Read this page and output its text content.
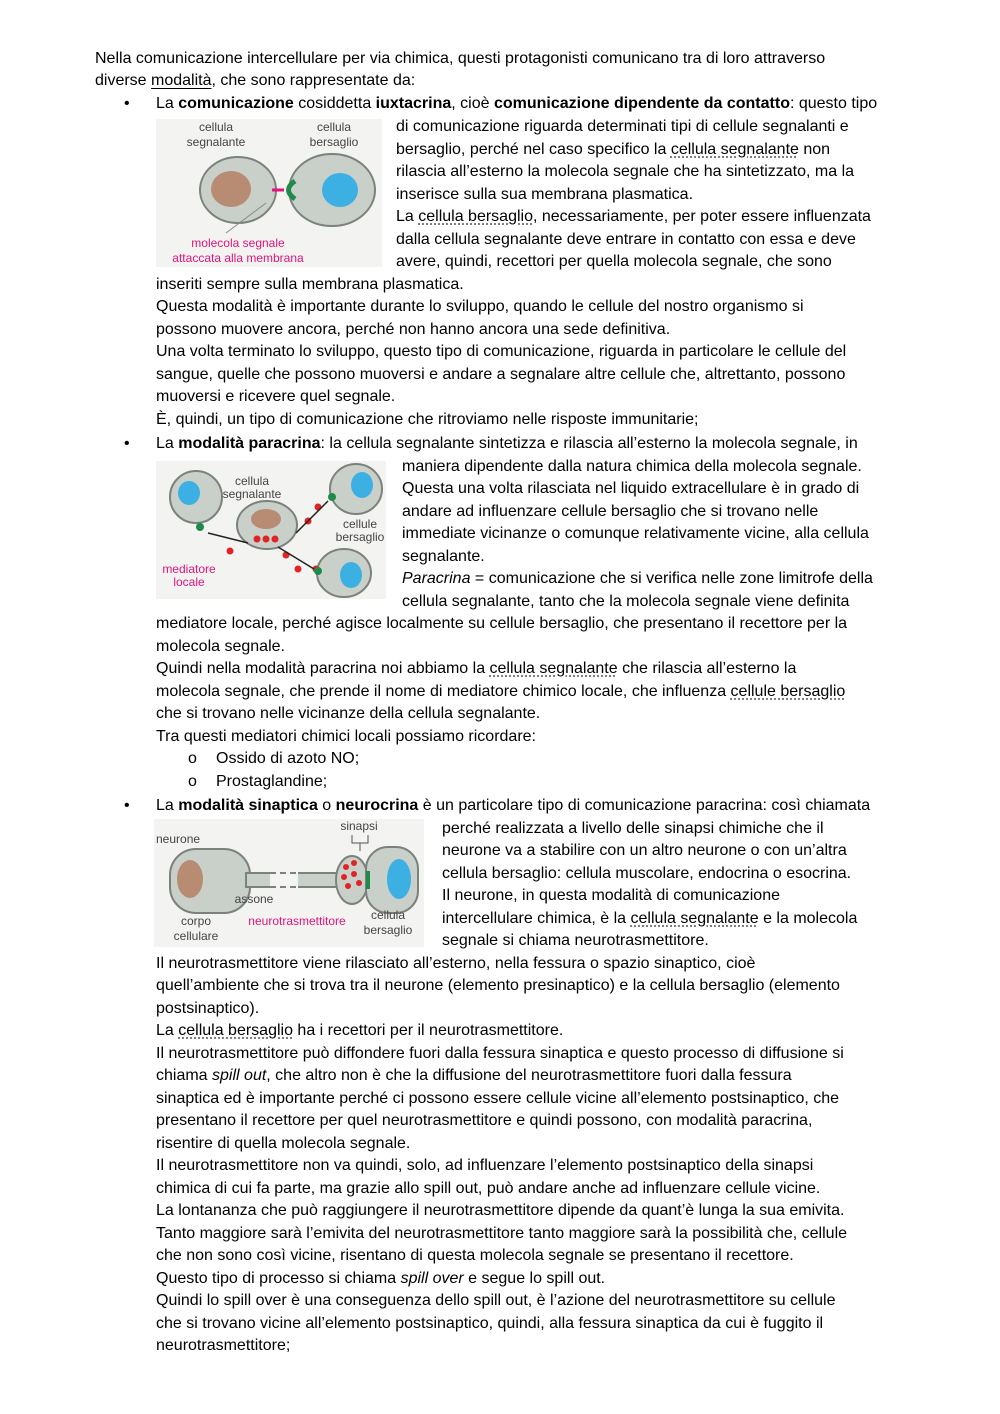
Nella comunicazione intercellulare per via chimica, questi protagonisti comunicano tra di loro attraverso

diverse modalità, che sono rappresentate da:

• La comunicazione cosiddetta iuxtacrina, cioè comunicazione dipendente da contatto: questo tipo

cellula
segnalante
cellula
bersaglio
molecola segnale
attaccata alla membrana

di comunicazione riguarda determinati tipi di cellule segnalanti e

bersaglio, perché nel caso specifico la cellula segnalante non

rilascia all’esterno la molecola segnale che ha sintetizzato, ma la

inserisce sulla sua membrana plasmatica.

La cellula bersaglio, necessariamente, per poter essere influenzata

dalla cellula segnalante deve entrare in contatto con essa e deve

avere, quindi, recettori per quella molecola segnale, che sono

inseriti sempre sulla membrana plasmatica.

Questa modalità è importante durante lo sviluppo, quando le cellule del nostro organismo si

possono muovere ancora, perché non hanno ancora una sede definitiva.

Una volta terminato lo sviluppo, questo tipo di comunicazione, riguarda in particolare le cellule del

sangue, quelle che possono muoversi e andare a segnalare altre cellule che, altrettanto, possono

muoversi e ricevere quel segnale.

È, quindi, un tipo di comunicazione che ritroviamo nelle risposte immunitarie;

• La modalità paracrina: la cellula segnalante sintetizza e rilascia all’esterno la molecola segnale, in

cellula
segnalante
cellule
bersaglio
mediatore
locale

maniera dipendente dalla natura chimica della molecola segnale.

Questa una volta rilasciata nel liquido extracellulare è in grado di

andare ad influenzare cellule bersaglio che si trovano nelle

immediate vicinanze o comunque relativamente vicine, alla cellula

segnalante.

Paracrina = comunicazione che si verifica nelle zone limitrofe della

cellula segnalante, tanto che la molecola segnale viene definita

mediatore locale, perché agisce localmente su cellule bersaglio, che presentano il recettore per la

molecola segnale.

Quindi nella modalità paracrina noi abbiamo la cellula segnalante che rilascia all’esterno la

molecola segnale, che prende il nome di mediatore chimico locale, che influenza cellule bersaglio

che si trovano nelle vicinanze della cellula segnalante.

Tra questi mediatori chimici locali possiamo ricordare:

o Ossido di azoto NO;

o Prostaglandine;

• La modalità sinaptica o neurocrina è un particolare tipo di comunicazione paracrina: così chiamata

neurone
sinapsi
assone
corpo
cellulare
neurotrasmettitore cellula
bersaglio

perché realizzata a livello delle sinapsi chimiche che il

neurone va a stabilire con un altro neurone o con un’altra

cellula bersaglio: cellula muscolare, endocrina o esocrina.

Il neurone, in questa modalità di comunicazione

intercellulare chimica, è la cellula segnalante e la molecola

segnale si chiama neurotrasmettitore.

Il neurotrasmettitore viene rilasciato all’esterno, nella fessura o spazio sinaptico, cioè

quell’ambiente che si trova tra il neurone (elemento presinaptico) e la cellula bersaglio (elemento

postsinaptico).

La cellula bersaglio ha i recettori per il neurotrasmettitore.

Il neurotrasmettitore può diffondere fuori dalla fessura sinaptica e questo processo di diffusione si

chiama spill out, che altro non è che la diffusione del neurotrasmettitore fuori dalla fessura

sinaptica ed è importante perché ci possono essere cellule vicine all’elemento postsinaptico, che

presentano il recettore per quel neurotrasmettitore e quindi possono, con modalità paracrina,

risentire di quella molecola segnale.

Il neurotrasmettitore non va quindi, solo, ad influenzare l’elemento postsinaptico della sinapsi

chimica di cui fa parte, ma grazie allo spill out, può andare anche ad influenzare cellule vicine.

La lontananza che può raggiungere il neurotrasmettitore dipende da quant’è lunga la sua emivita.

Tanto maggiore sarà l’emivita del neurotrasmettitore tanto maggiore sarà la possibilità che, cellule

che non sono così vicine, risentano di questa molecola segnale se presentano il recettore.

Questo tipo di processo si chiama spill over e segue lo spill out.

Quindi lo spill over è una conseguenza dello spill out, è l’azione del neurotrasmettitore su cellule

che si trovano vicine all’elemento postsinaptico, quindi, alla fessura sinaptica da cui è fuggito il

neurotrasmettitore;
